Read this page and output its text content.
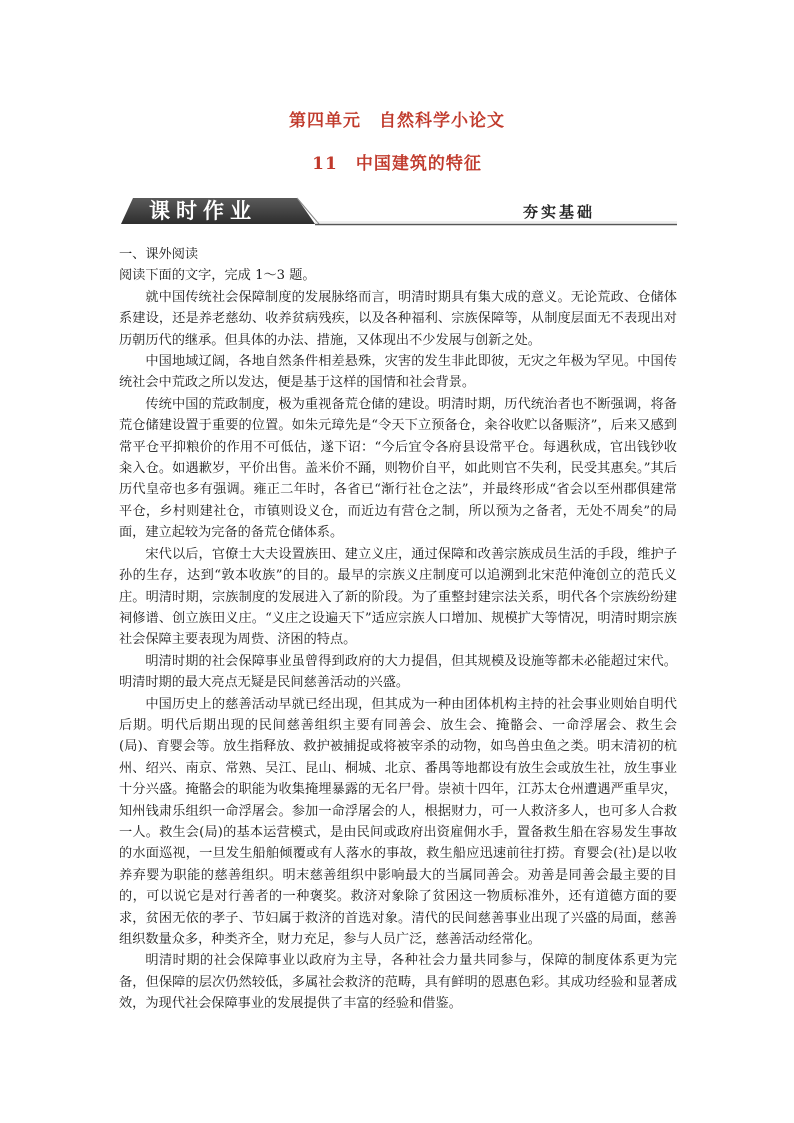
第四单元　自然科学小论文
11　中国建筑的特征
课时作业	夯实基础
一、课外阅读
阅读下面的文字，完成 1～3 题。

就中国传统社会保障制度的发展脉络而言，明清时期具有集大成的意义。无论荒政、仓储体系建设，还是养老慈幼、收养贫病残疾，以及各种福利、宗族保障等，从制度层面无不表现出对历朝历代的继承。但具体的办法、措施，又体现出不少发展与创新之处。

中国地域辽阔，各地自然条件相差悬殊，灾害的发生非此即彼，无灾之年极为罕见。中国传统社会中荒政之所以发达，便是基于这样的国情和社会背景。

传统中国的荒政制度，极为重视备荒仓储的建设。明清时期，历代统治者也不断强调，将备荒仓储建设置于重要的位置。如朱元璋先是“令天下立预备仓，籴谷收贮以备赈济”，后来又感到常平仓平抑粮价的作用不可低估，遂下诏：“今后宜令各府县设常平仓。每遇秋成，官出钱钞收籴入仓。如遇歉岁，平价出售。盖米价不踊，则物价自平，如此则官不失利，民受其惠矣。”其后历代皇帝也多有强调。雍正二年时，各省已“渐行社仓之法”，并最终形成“省会以至州郡俱建常平仓，乡村则建社仓，市镇则设义仓，而近边有营仓之制，所以预为之备者，无处不周矣”的局面，建立起较为完备的备荒仓储体系。

宋代以后，官僚士大夫设置族田、建立义庄，通过保障和改善宗族成员生活的手段，维护子孙的生存，达到“敦本收族”的目的。最早的宗族义庄制度可以追溯到北宋范仲淹创立的范氏义庄。明清时期，宗族制度的发展进入了新的阶段。为了重整封建宗法关系，明代各个宗族纷纷建祠修谱、创立族田义庄。“义庄之设遍天下”适应宗族人口增加、规模扩大等情况，明清时期宗族社会保障主要表现为周赀、济困的特点。

明清时期的社会保障事业虽曾得到政府的大力提倡，但其规模及设施等都未必能超过宋代。明清时期的最大亮点无疑是民间慈善活动的兴盛。

中国历史上的慈善活动早就已经出现，但其成为一种由团体机构主持的社会事业则始自明代后期。明代后期出现的民间慈善组织主要有同善会、放生会、掩骼会、一命浮屠会、救生会(局)、育婴会等。放生指释放、救护被捕捉或将被宰杀的动物，如鸟兽虫鱼之类。明末清初的杭州、绍兴、南京、常熟、吴江、昆山、桐城、北京、番禺等地都设有放生会或放生社，放生事业十分兴盛。掩骼会的职能为收集掩埋暴露的无名尸骨。崇祯十四年，江苏太仓州遭遇严重旱灾，知州钱肃乐组织一命浮屠会。参加一命浮屠会的人，根据财力，可一人救济多人，也可多人合救一人。救生会(局)的基本运营模式，是由民间或政府出资雇佣水手，置备救生船在容易发生事故的水面巡视，一旦发生船舶倾覆或有人落水的事故，救生船应迅速前往打捞。育婴会(社)是以收养弃婴为职能的慈善组织。明末慈善组织中影响最大的当属同善会。劝善是同善会最主要的目的，可以说它是对行善者的一种褒奖。救济对象除了贫困这一物质标准外，还有道德方面的要求，贫困无依的孝子、节妇属于救济的首选对象。清代的民间慈善事业出现了兴盛的局面，慈善组织数量众多，种类齐全，财力充足，参与人员广泛，慈善活动经常化。

明清时期的社会保障事业以政府为主导，各种社会力量共同参与，保障的制度体系更为完备，但保障的层次仍然较低，多属社会救济的范畴，具有鲜明的恩惠色彩。其成功经验和显著成效，为现代社会保障事业的发展提供了丰富的经验和借鉴。
